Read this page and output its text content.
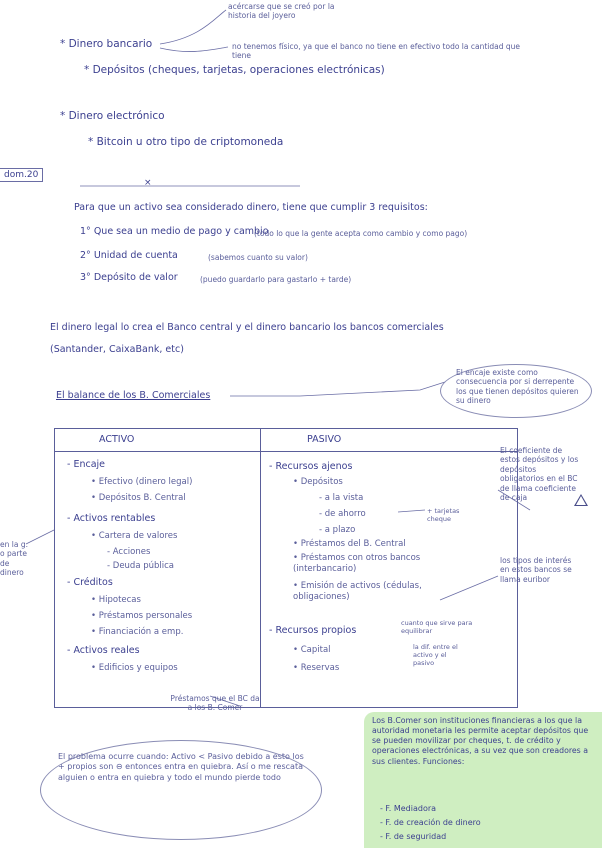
* Dinero bancario
acércarse que se creó por la historia del joyero
no tenemos físico, ya que el banco no tiene en efectivo todo la cantidad que tiene
* Depósitos (cheques, tarjetas, operaciones electrónicas)
* Dinero electrónico
* Bitcoin u otro tipo de criptomoneda
dom.20
×
Para que un activo sea considerado dinero, tiene que cumplir 3 requisitos:
1° Que sea un medio de pago y cambio
(todo lo que la gente acepta como cambio y como pago)
2° Unidad de cuenta	(sabemos cuanto su valor)
3° Depósito de valor	(puedo guardarlo para gastarlo + tarde)
El dinero legal lo crea el Banco central y el dinero bancario los bancos comerciales
(Santander, CaixaBank, etc)
El balance de los B. Comerciales
El encaje existe como consecuencia por si derrepente los que tienen depósitos quieren su dinero
ACTIVO	PASIVO
- Encaje
• Efectivo (dinero legal)
• Depósitos B. Central
- Activos rentables
• Cartera de valores
- Acciones
- Deuda pública
- Créditos
• Hipotecas
• Préstamos personales
• Financiación a emp.
- Activos reales
• Edificios y equipos
- Recursos ajenos
• Depósitos
- a la vista
- de ahorro
- a plazo
• Préstamos del B. Central
• Préstamos con otros bancos (interbancario)
• Emisión de activos (cédulas, obligaciones)
- Recursos propios
• Capital
• Reservas
+ tarjetas cheque
cuanto que sirve para equilibrar
la dif. entre el activo y el pasivo
El coeficiente de estos depósitos y los depósitos obligatorios en el BC de llama coeficiente de caja
los tipos de interés en estos bancos se llama euribor
en la g. o parte de dinero
Préstamos que el BC da a los B. Comer
El problema ocurre cuando: Activo < Pasivo debido a esto los + propios son ⊖ entonces entra en quiebra. Así o me rescata alguien o entra en quiebra y todo el mundo pierde todo
Los B.Comer son instituciones financieras a los que la autoridad monetaria les permite aceptar depósitos que se pueden movilizar por cheques, t. de crédito y operaciones electrónicas, a su vez que son creadores a sus clientes. Funciones:
- F. Mediadora
- F. de creación de dinero
- F. de seguridad
